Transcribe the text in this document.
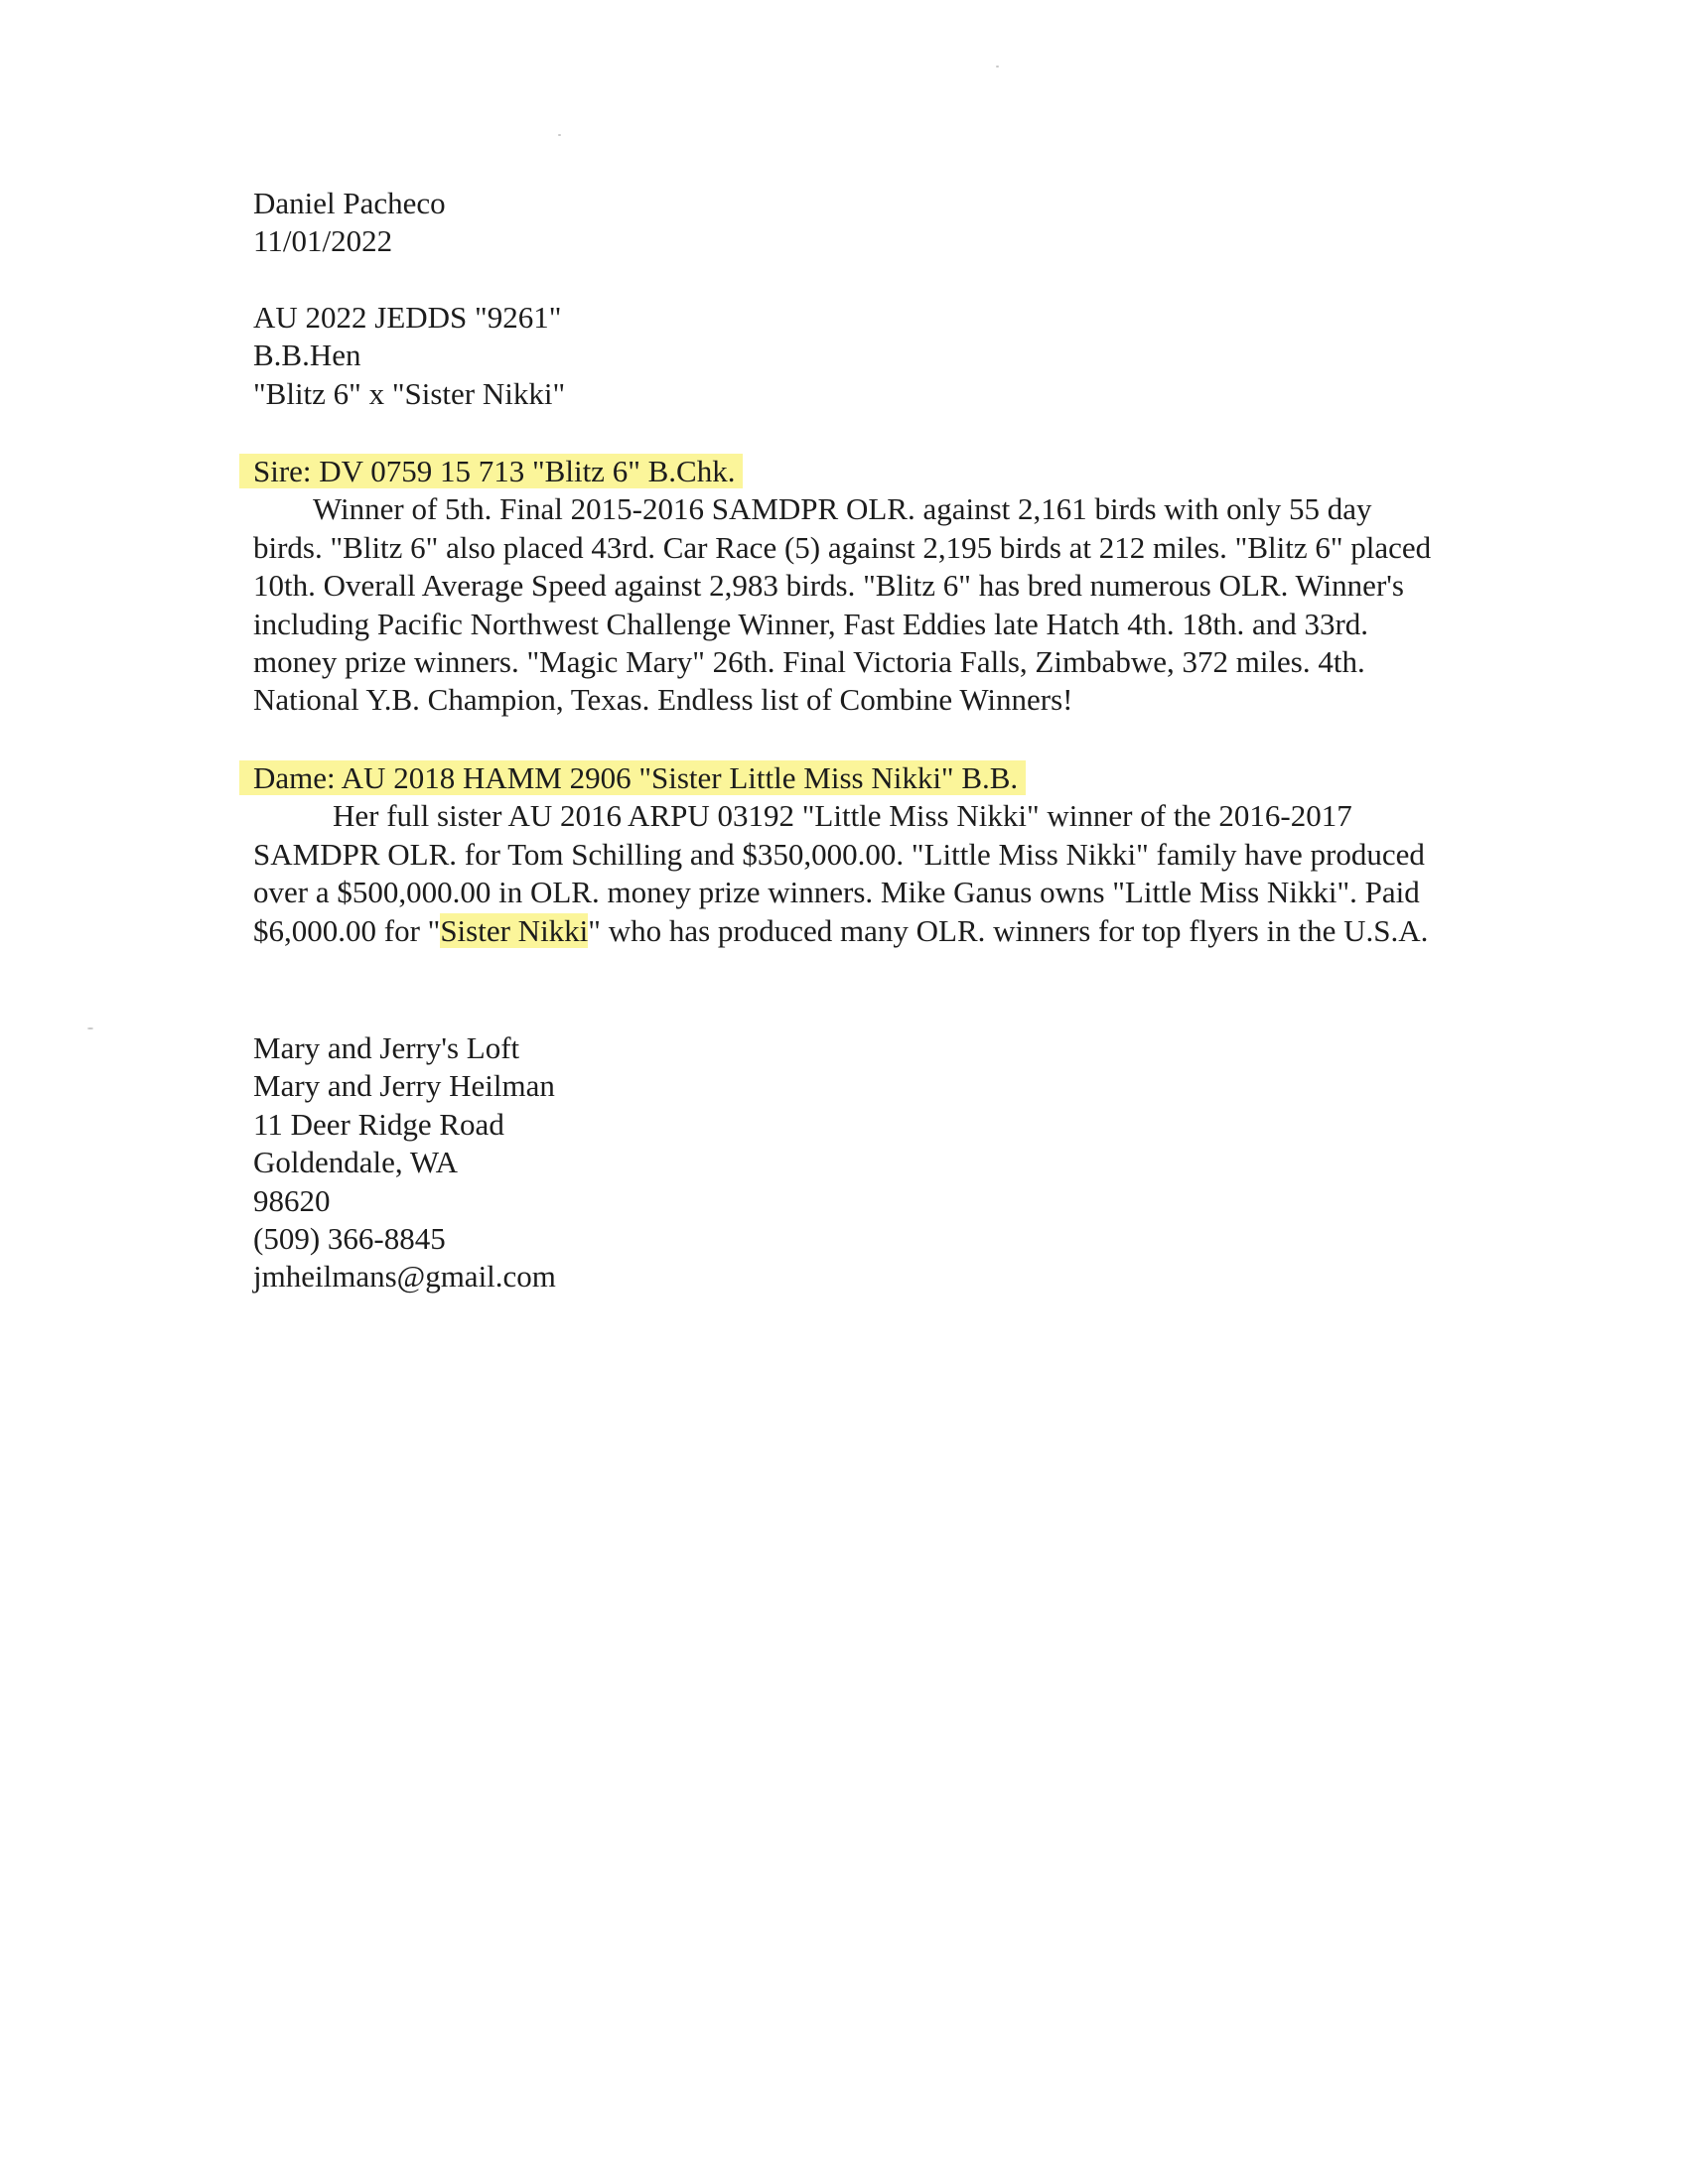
Daniel Pacheco
11/01/2022
AU 2022 JEDDS "9261"
B.B.Hen
"Blitz 6" x "Sister Nikki"
Sire: DV 0759 15 713 "Blitz 6" B.Chk.
Winner of 5th. Final 2015-2016 SAMDPR OLR. against 2,161 birds with only 55 day birds. "Blitz 6" also placed 43rd. Car Race (5) against 2,195 birds at 212 miles. "Blitz 6" placed 10th. Overall Average Speed against 2,983 birds. "Blitz 6" has bred numerous OLR. Winner's including Pacific Northwest Challenge Winner, Fast Eddies late Hatch 4th. 18th. and 33rd. money prize winners. "Magic Mary" 26th. Final Victoria Falls, Zimbabwe, 372 miles. 4th. National Y.B. Champion, Texas. Endless list of Combine Winners!
Dame: AU 2018 HAMM 2906 "Sister Little Miss Nikki" B.B.
Her full sister AU 2016 ARPU 03192 "Little Miss Nikki" winner of the 2016-2017 SAMDPR OLR. for Tom Schilling and $350,000.00. "Little Miss Nikki" family have produced over a $500,000.00 in OLR. money prize winners. Mike Ganus owns "Little Miss Nikki". Paid $6,000.00 for "Sister Nikki" who has produced many OLR. winners for top flyers in the U.S.A.
Mary and Jerry's Loft
Mary and Jerry Heilman
11 Deer Ridge Road
Goldendale, WA
98620
(509) 366-8845
jmheilmans@gmail.com
